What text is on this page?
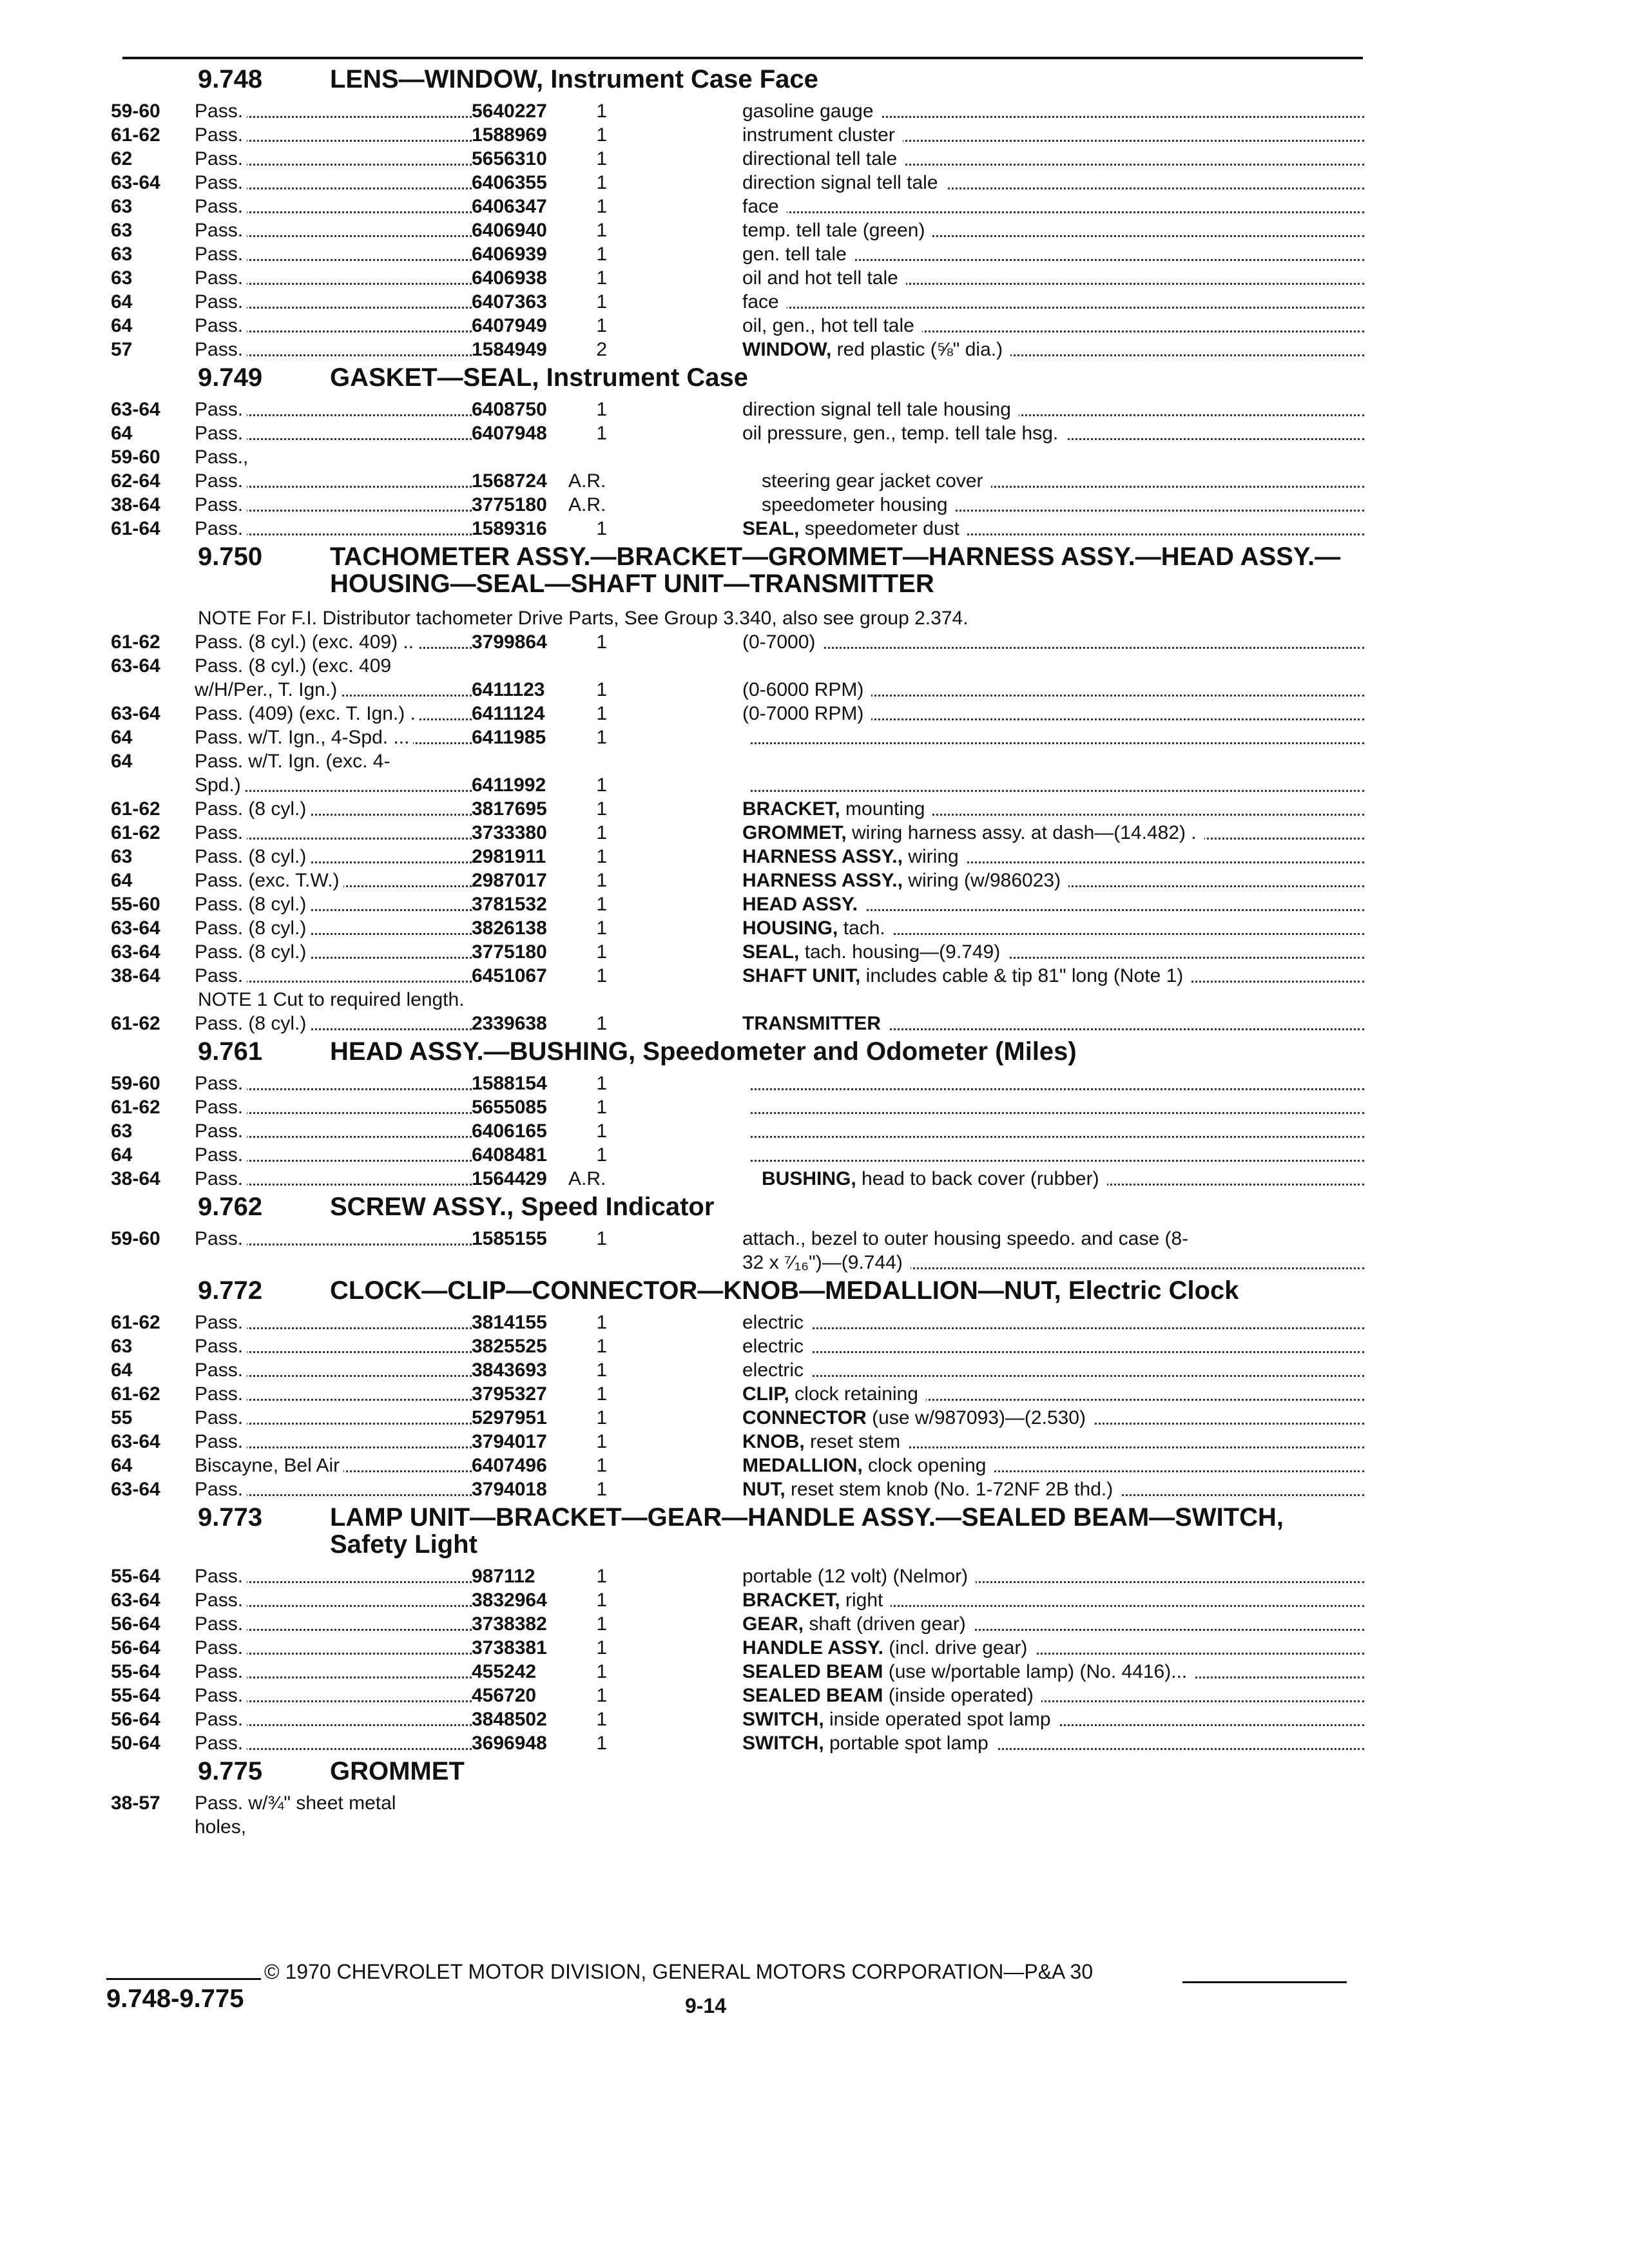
9.748	LENS—WINDOW, Instrument Case Face
59-60	Pass.	5640227	1	gasoline gauge
61-62	Pass.	1588969	1	instrument cluster
62	Pass.	5656310	1	directional tell tale
63-64	Pass.	6406355	1	direction signal tell tale
63	Pass.	6406347	1	face
63	Pass.	6406940	1	temp. tell tale (green)
63	Pass.	6406939	1	gen. tell tale
63	Pass.	6406938	1	oil and hot tell tale
64	Pass.	6407363	1	face
64	Pass.	6407949	1	oil, gen., hot tell tale
57	Pass.	1584949	2	WINDOW, red plastic (⅝" dia.)
9.749	GASKET—SEAL, Instrument Case
63-64	Pass.	6408750	1	direction signal tell tale housing
64	Pass.	6407948	1	oil pressure, gen., temp. tell tale hsg.
59-60	Pass.,
62-64	Pass.	1568724	A.R.	steering gear jacket cover
38-64	Pass.	3775180	A.R.	speedometer housing
61-64	Pass.	1589316	1	SEAL, speedometer dust
9.750	TACHOMETER ASSY.—BRACKET—GROMMET—HARNESS ASSY.—HEAD ASSY.—HOUSING—SEAL—SHAFT UNIT—TRANSMITTER
NOTE For F.I. Distributor tachometer Drive Parts, See Group 3.340, also see group 2.374.
61-62	Pass. (8 cyl.) (exc. 409) ..	3799864	1	(0-7000)
63-64	Pass. (8 cyl.) (exc. 409
w/H/Per., T. Ign.)	6411123	1	(0-6000 RPM)
63-64	Pass. (409) (exc. T. Ign.) .	6411124	1	(0-7000 RPM)
64	Pass. w/T. Ign., 4-Spd. ...	6411985	1
64	Pass. w/T. Ign. (exc. 4-
Spd.)	6411992	1
61-62	Pass. (8 cyl.)	3817695	1	BRACKET, mounting
61-62	Pass.	3733380	1	GROMMET, wiring harness assy. at dash—(14.482) .
63	Pass. (8 cyl.)	2981911	1	HARNESS ASSY., wiring
64	Pass. (exc. T.W.)	2987017	1	HARNESS ASSY., wiring (w/986023)
55-60	Pass. (8 cyl.)	3781532	1	HEAD ASSY.
63-64	Pass. (8 cyl.)	3826138	1	HOUSING, tach.
63-64	Pass. (8 cyl.)	3775180	1	SEAL, tach. housing—(9.749)
38-64	Pass.	6451067	1	SHAFT UNIT, includes cable & tip 81" long (Note 1)
NOTE 1 Cut to required length.
61-62	Pass. (8 cyl.)	2339638	1	TRANSMITTER
9.761	HEAD ASSY.—BUSHING, Speedometer and Odometer (Miles)
59-60	Pass.	1588154	1
61-62	Pass.	5655085	1
63	Pass.	6406165	1
64	Pass.	6408481	1
38-64	Pass.	1564429	A.R.	BUSHING, head to back cover (rubber)
9.762	SCREW ASSY., Speed Indicator
59-60	Pass.	1585155	1	attach., bezel to outer housing speedo. and case (8-
32 x ⁷⁄₁₆")—(9.744)
9.772	CLOCK—CLIP—CONNECTOR—KNOB—MEDALLION—NUT, Electric Clock
61-62	Pass.	3814155	1	electric
63	Pass.	3825525	1	electric
64	Pass.	3843693	1	electric
61-62	Pass.	3795327	1	CLIP, clock retaining
55	Pass.	5297951	1	CONNECTOR (use w/987093)—(2.530)
63-64	Pass.	3794017	1	KNOB, reset stem
64	Biscayne, Bel Air	6407496	1	MEDALLION, clock opening
63-64	Pass.	3794018	1	NUT, reset stem knob (No. 1-72NF 2B thd.)
9.773	LAMP UNIT—BRACKET—GEAR—HANDLE ASSY.—SEALED BEAM—SWITCH, Safety Light
55-64	Pass.	987112	1	portable (12 volt) (Nelmor)
63-64	Pass.	3832964	1	BRACKET, right
56-64	Pass.	3738382	1	GEAR, shaft (driven gear)
56-64	Pass.	3738381	1	HANDLE ASSY. (incl. drive gear)
55-64	Pass.	455242	1	SEALED BEAM (use w/portable lamp) (No. 4416)...
55-64	Pass.	456720	1	SEALED BEAM (inside operated)
56-64	Pass.	3848502	1	SWITCH, inside operated spot lamp
50-64	Pass.	3696948	1	SWITCH, portable spot lamp
9.775	GROMMET
38-57	Pass. w/¾" sheet metal
holes,
© 1970 CHEVROLET MOTOR DIVISION, GENERAL MOTORS CORPORATION—P&A 30
9.748-9.775	9-14
